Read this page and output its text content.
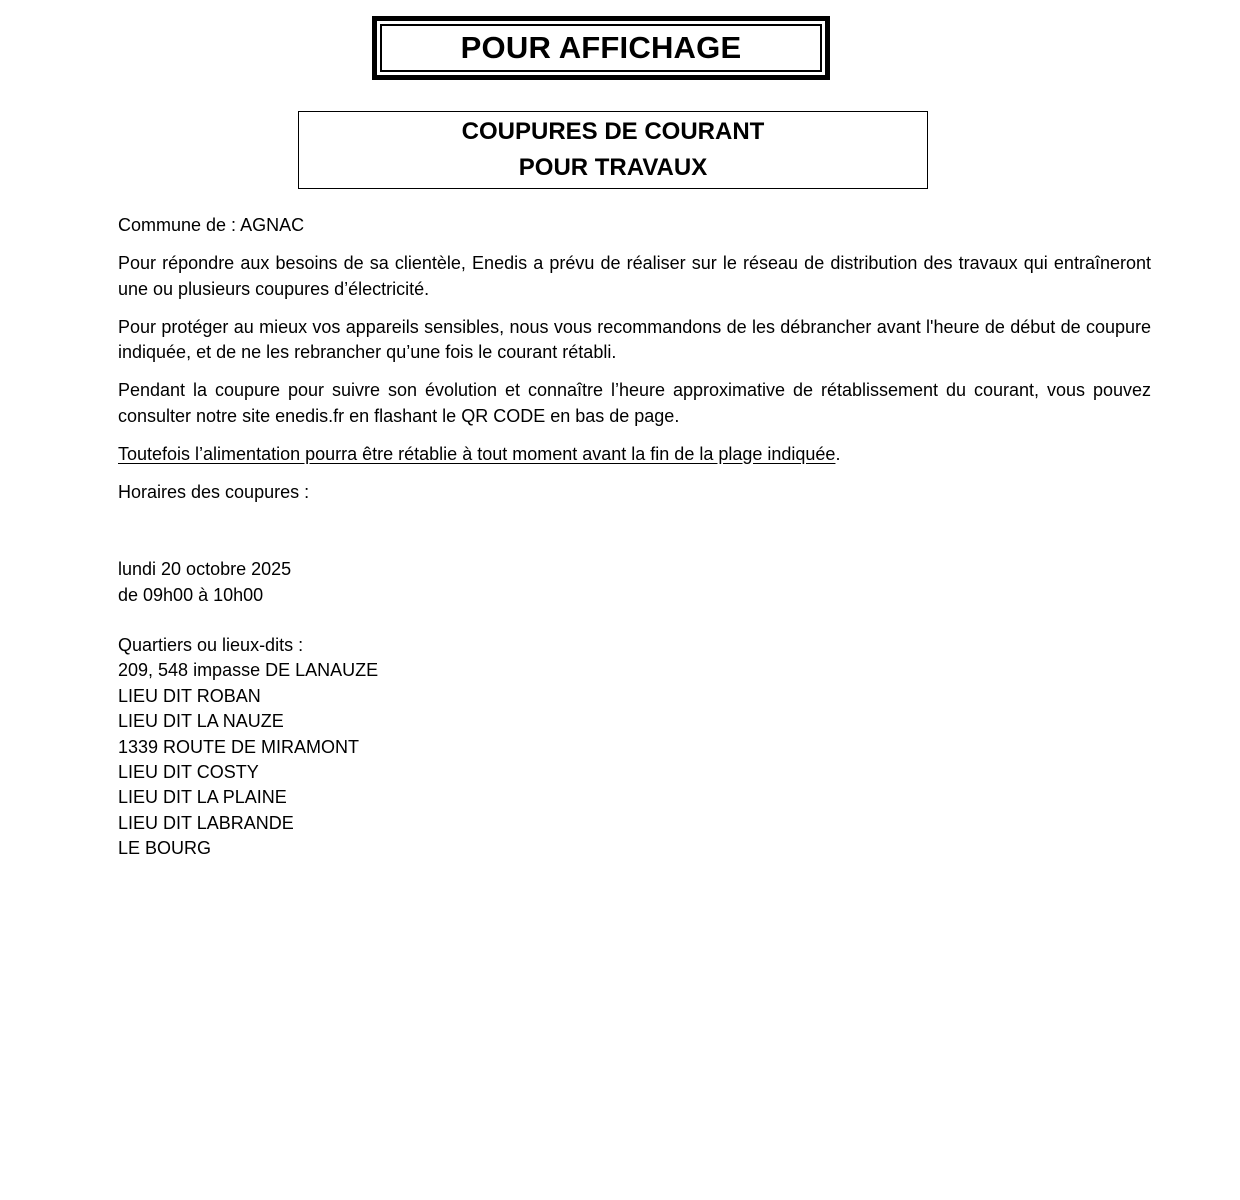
POUR AFFICHAGE
COUPURES DE COURANT
POUR TRAVAUX

Commune de : AGNAC

Pour répondre aux besoins de sa clientèle, Enedis a prévu de réaliser sur le réseau de distribution des travaux qui entraîneront une ou plusieurs coupures d’électricité.

Pour protéger au mieux vos appareils sensibles, nous vous recommandons de les débrancher avant l'heure de début de coupure indiquée, et de ne les rebrancher qu’une fois le courant rétabli.

Pendant la coupure pour suivre son évolution et connaître l’heure approximative de rétablissement du courant, vous pouvez consulter notre site enedis.fr en flashant le QR CODE en bas de page.

Toutefois l’alimentation pourra être rétablie à tout moment avant la fin de la plage indiquée.

Horaires des coupures :

lundi 20 octobre 2025
de 09h00 à 10h00
Quartiers ou lieux-dits :
209, 548 impasse DE LANAUZE
LIEU DIT ROBAN
LIEU DIT LA NAUZE
1339 ROUTE DE MIRAMONT
LIEU DIT COSTY
LIEU DIT LA PLAINE
LIEU DIT LABRANDE
LE BOURG
